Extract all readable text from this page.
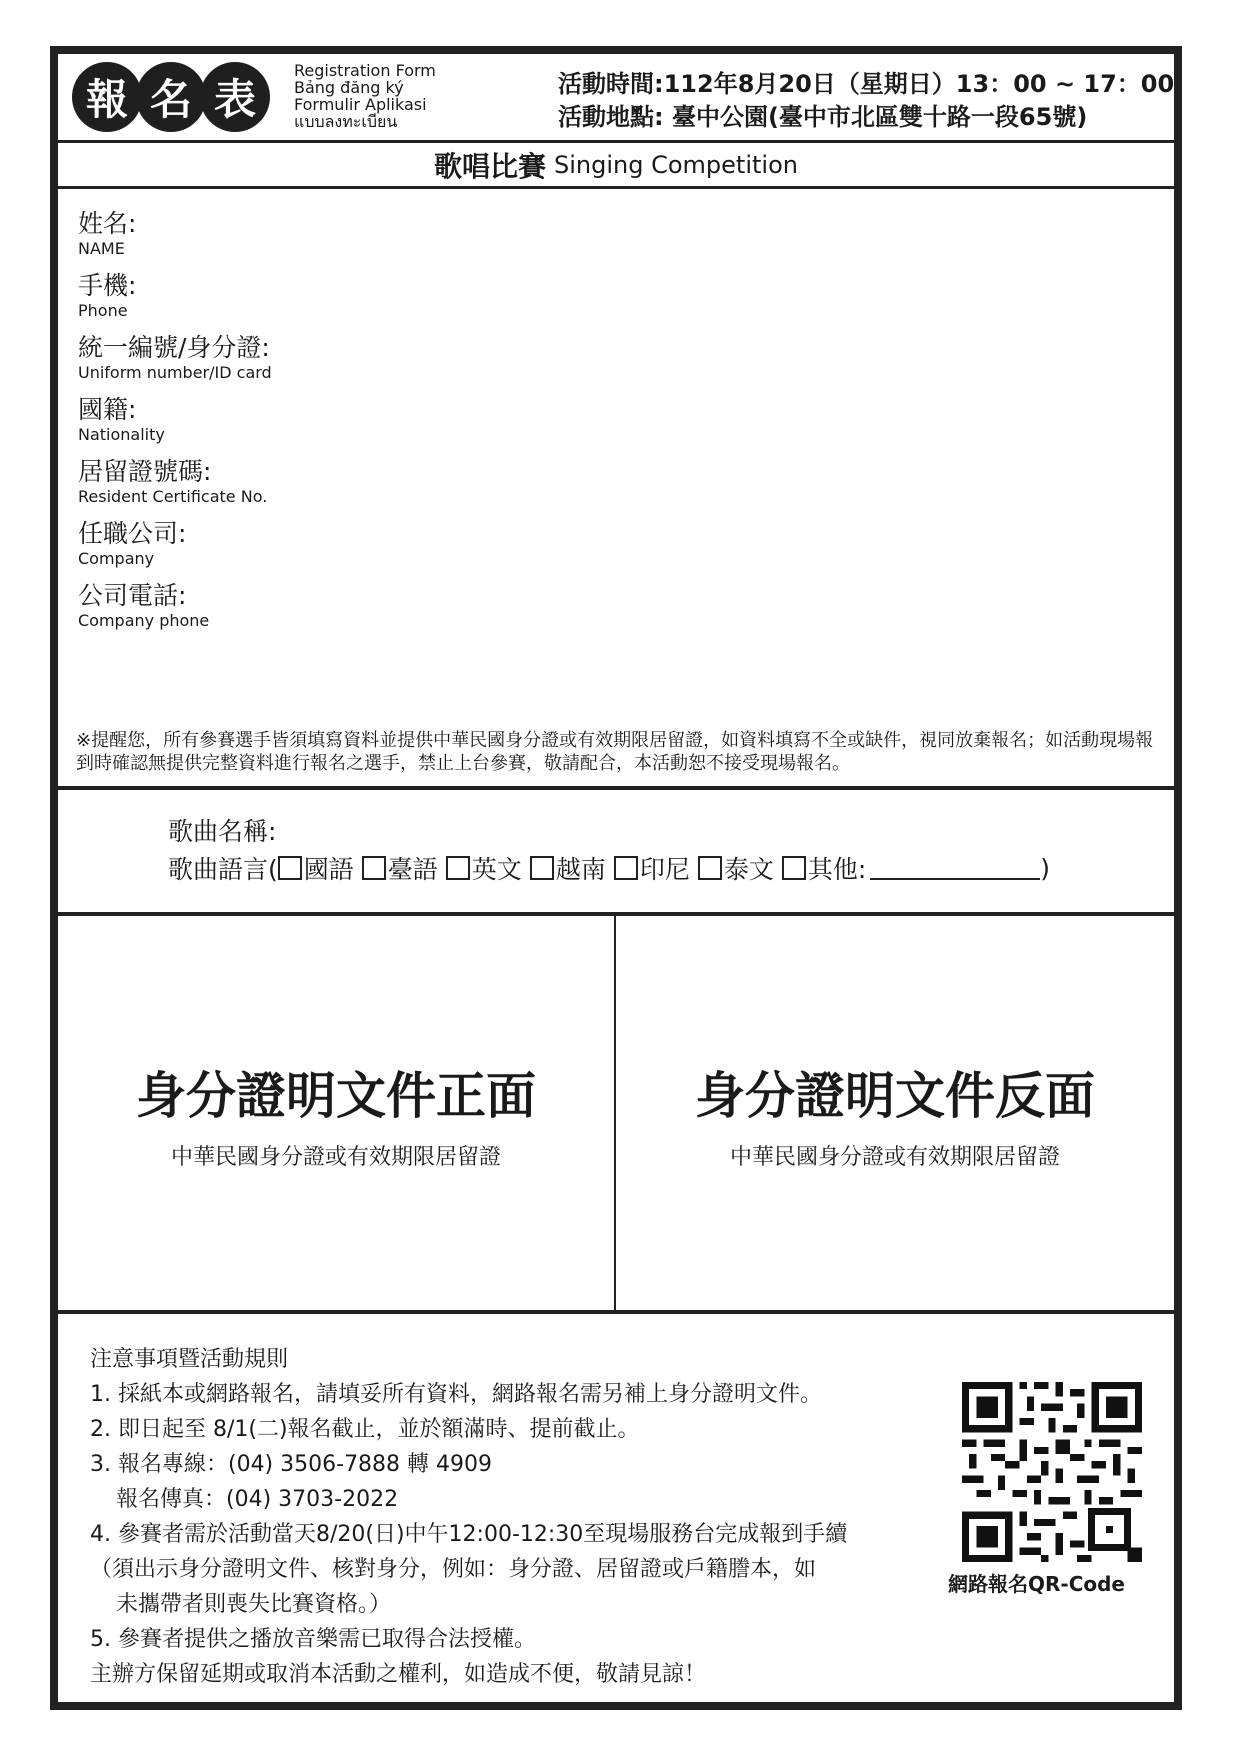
報 名 表
Registration Form
Bảng đăng ký
Formulir Aplikasi
แบบลงทะเบียน
活動時間:112年8月20日（星期日）13：00 ~ 17：00
活動地點: 臺中公園(臺中市北區雙十路一段65號)
歌唱比賽 Singing Competition
姓名:
NAME
手機:
Phone
統一編號/身分證:
Uniform number/ID card
國籍:
Nationality
居留證號碼:
Resident Certificate No.
任職公司:
Company
公司電話:
Company phone
※提醒您，所有參賽選手皆須填寫資料並提供中華民國身分證或有效期限居留證，如資料填寫不全或缺件，視同放棄報名；如活動現場報到時確認無提供完整資料進行報名之選手，禁止上台參賽，敬請配合，本活動恕不接受現場報名。
歌曲名稱:
歌曲語言( 國語 臺語 英文 越南 印尼 泰文 其他:	)
身分證明文件正面
中華民國身分證或有效期限居留證
身分證明文件反面
中華民國身分證或有效期限居留證
注意事項暨活動規則
1. 採紙本或網路報名，請填妥所有資料，網路報名需另補上身分證明文件。
2. 即日起至 8/1(二)報名截止，並於額滿時、提前截止。
3. 報名專線：(04) 3506-7888 轉 4909
報名傳真：(04) 3703-2022
4. 參賽者需於活動當天8/20(日)中午12:00-12:30至現場服務台完成報到手續
（須出示身分證明文件、核對身分，例如：身分證、居留證或戶籍謄本，如
未攜帶者則喪失比賽資格。）
5. 參賽者提供之播放音樂需已取得合法授權。
主辦方保留延期或取消本活動之權利，如造成不便，敬請見諒！
網路報名QR-Code
